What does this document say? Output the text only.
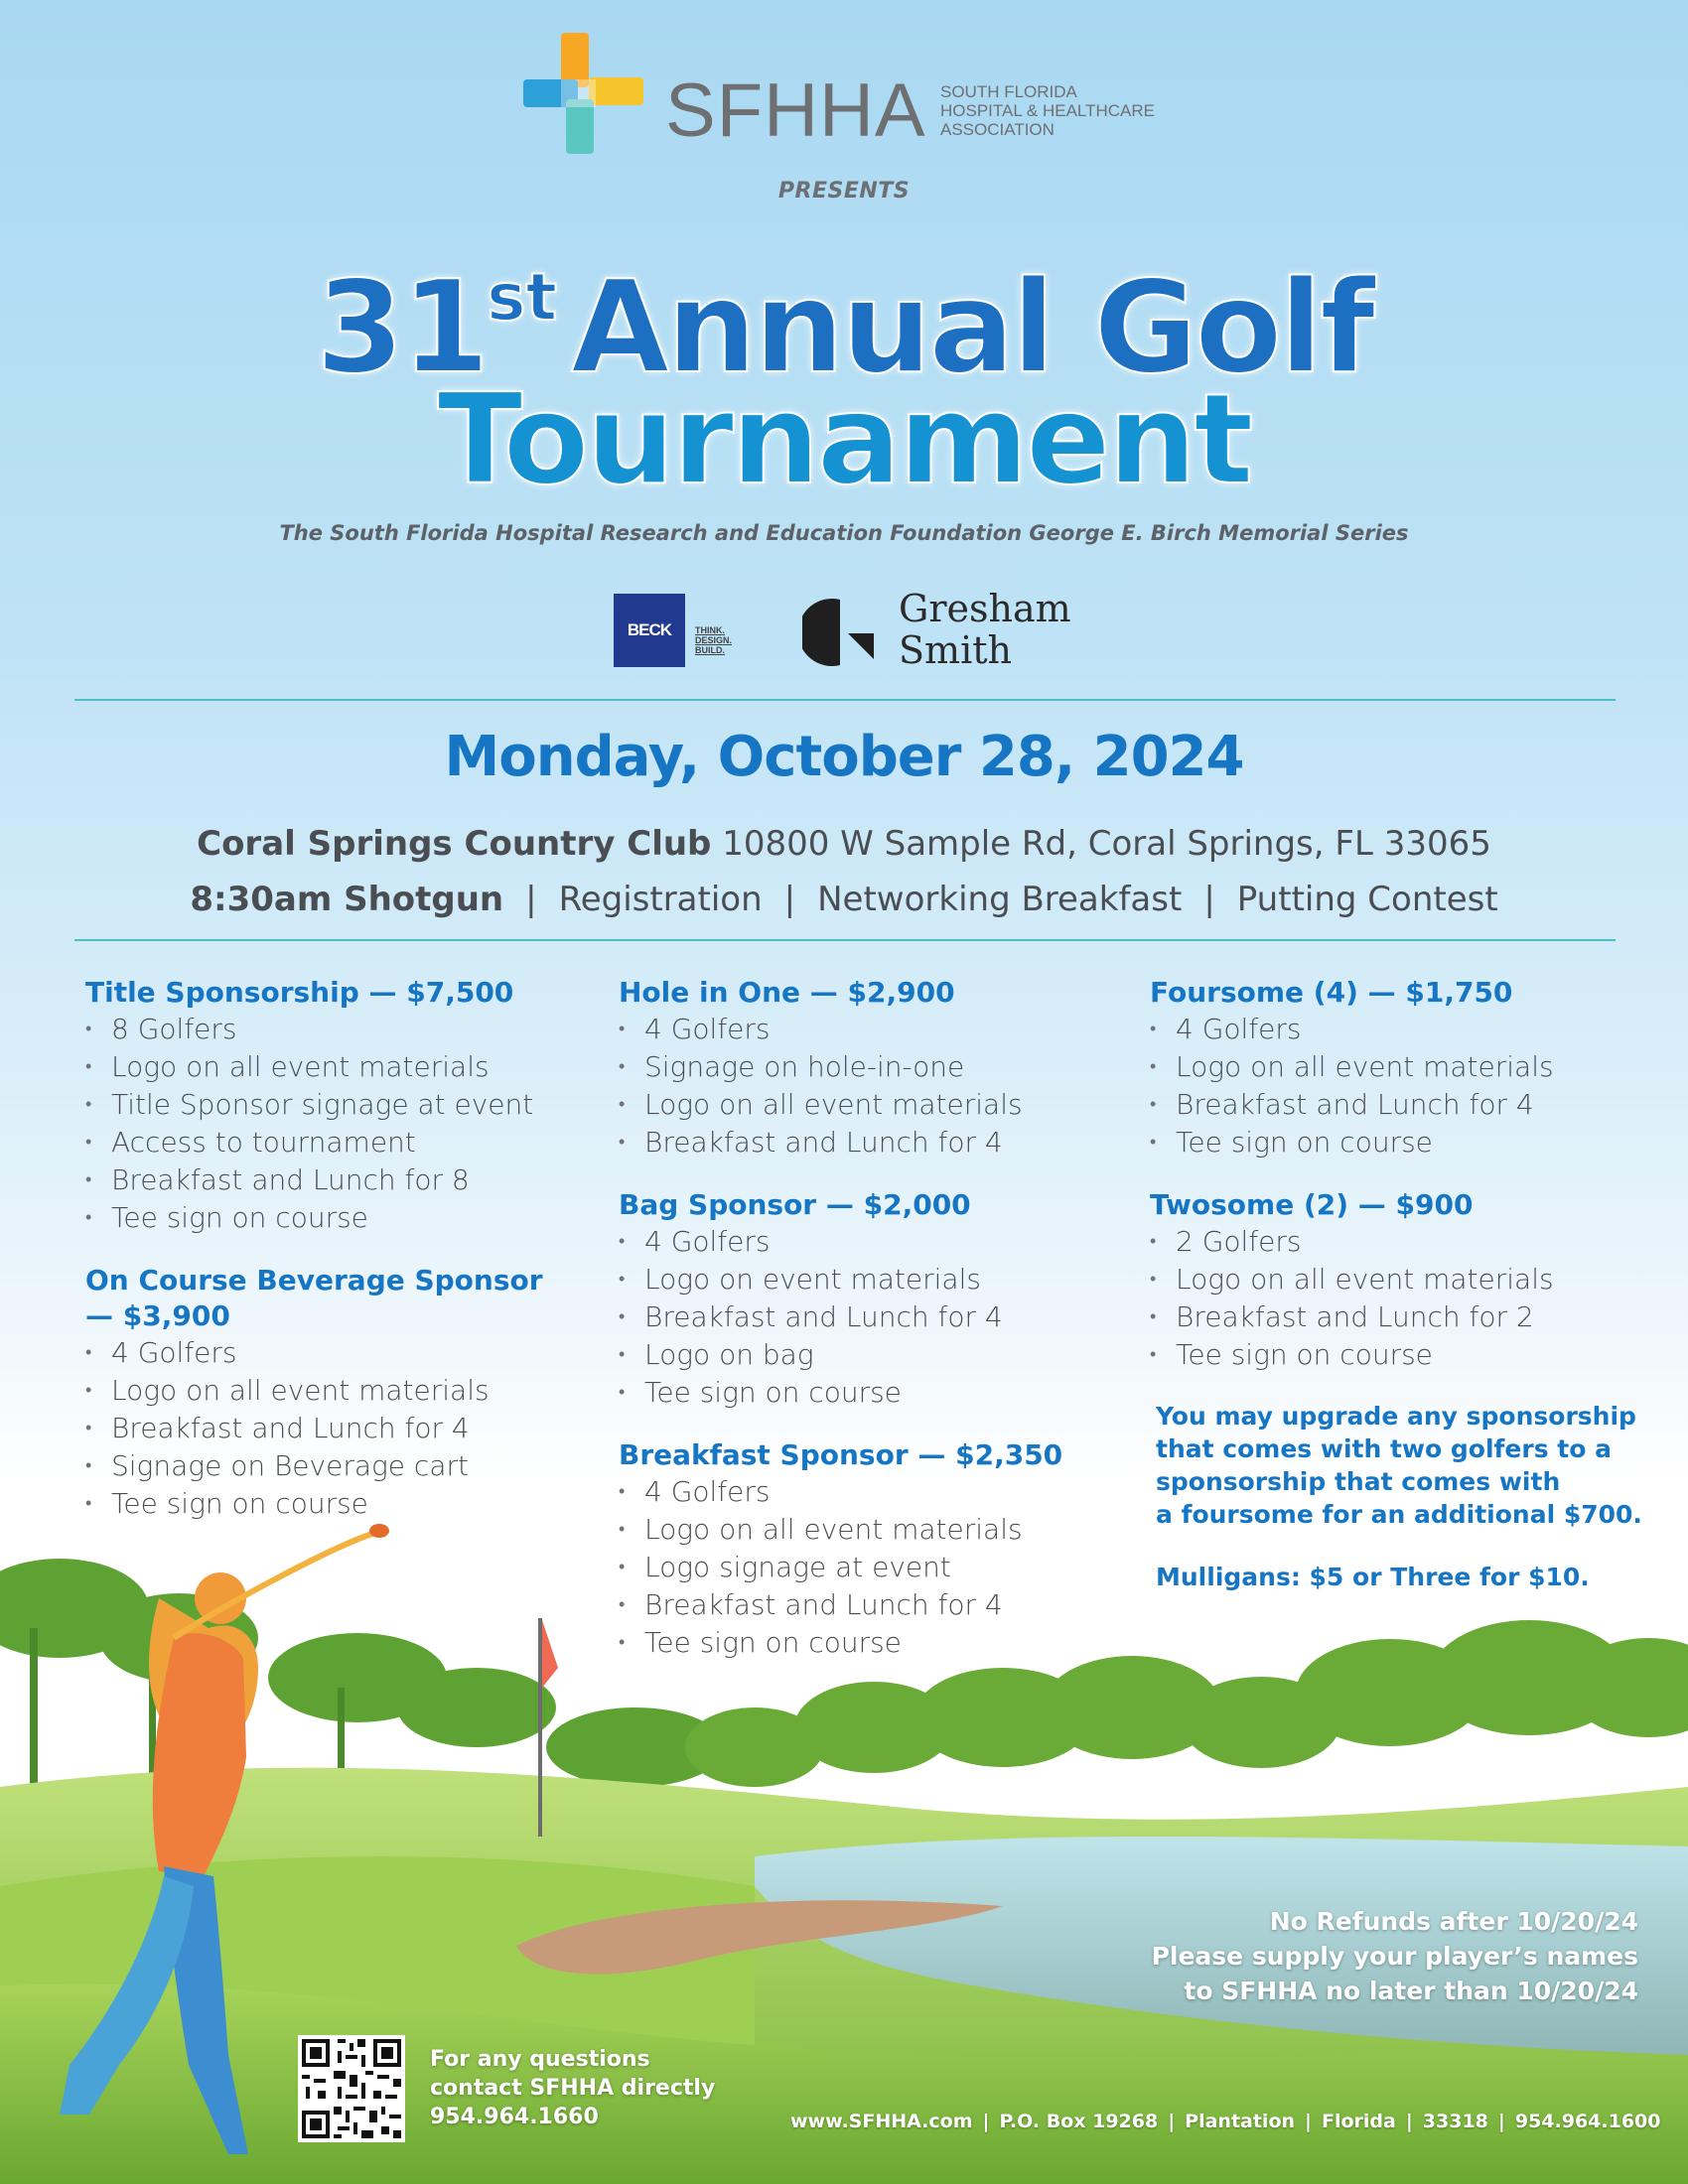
SFHHA SOUTH FLORIDA
HOSPITAL & HEALTHCARE
ASSOCIATION
PRESENTS
31st Annual Golf
Tournament
The South Florida Hospital Research and Education Foundation George E. Birch Memorial Series
BECK	THINK.
DESIGN.
BUILD.
Gresham
Smith
Monday, October 28, 2024
Coral Springs Country Club 10800 W Sample Rd, Coral Springs, FL 33065
8:30am Shotgun | Registration | Networking Breakfast | Putting Contest
Title Sponsorship — $7,500
• 8 Golfers
• Logo on all event materials
• Title Sponsor signage at event
• Access to tournament
• Breakfast and Lunch for 8
• Tee sign on course
On Course Beverage Sponsor
— $3,900
• 4 Golfers
• Logo on all event materials
• Breakfast and Lunch for 4
• Signage on Beverage cart
• Tee sign on course
Hole in One — $2,900
• 4 Golfers
• Signage on hole-in-one
• Logo on all event materials
• Breakfast and Lunch for 4
Bag Sponsor — $2,000
• 4 Golfers
• Logo on event materials
• Breakfast and Lunch for 4
• Logo on bag
• Tee sign on course
Breakfast Sponsor — $2,350
• 4 Golfers
• Logo on all event materials
• Logo signage at event
• Breakfast and Lunch for 4
• Tee sign on course
Foursome (4) — $1,750
• 4 Golfers
• Logo on all event materials
• Breakfast and Lunch for 4
• Tee sign on course
Twosome (2) — $900
• 2 Golfers
• Logo on all event materials
• Breakfast and Lunch for 2
• Tee sign on course
You may upgrade any sponsorship
that comes with two golfers to a
sponsorship that comes with
a foursome for an additional $700.
Mulligans: $5 or Three for $10.
No Refunds after 10/20/24
Please supply your player’s names
to SFHHA no later than 10/20/24
For any questions
contact SFHHA directly
954.964.1660	www.SFHHA.com | P.O. Box 19268 | Plantation | Florida | 33318 | 954.964.1600
